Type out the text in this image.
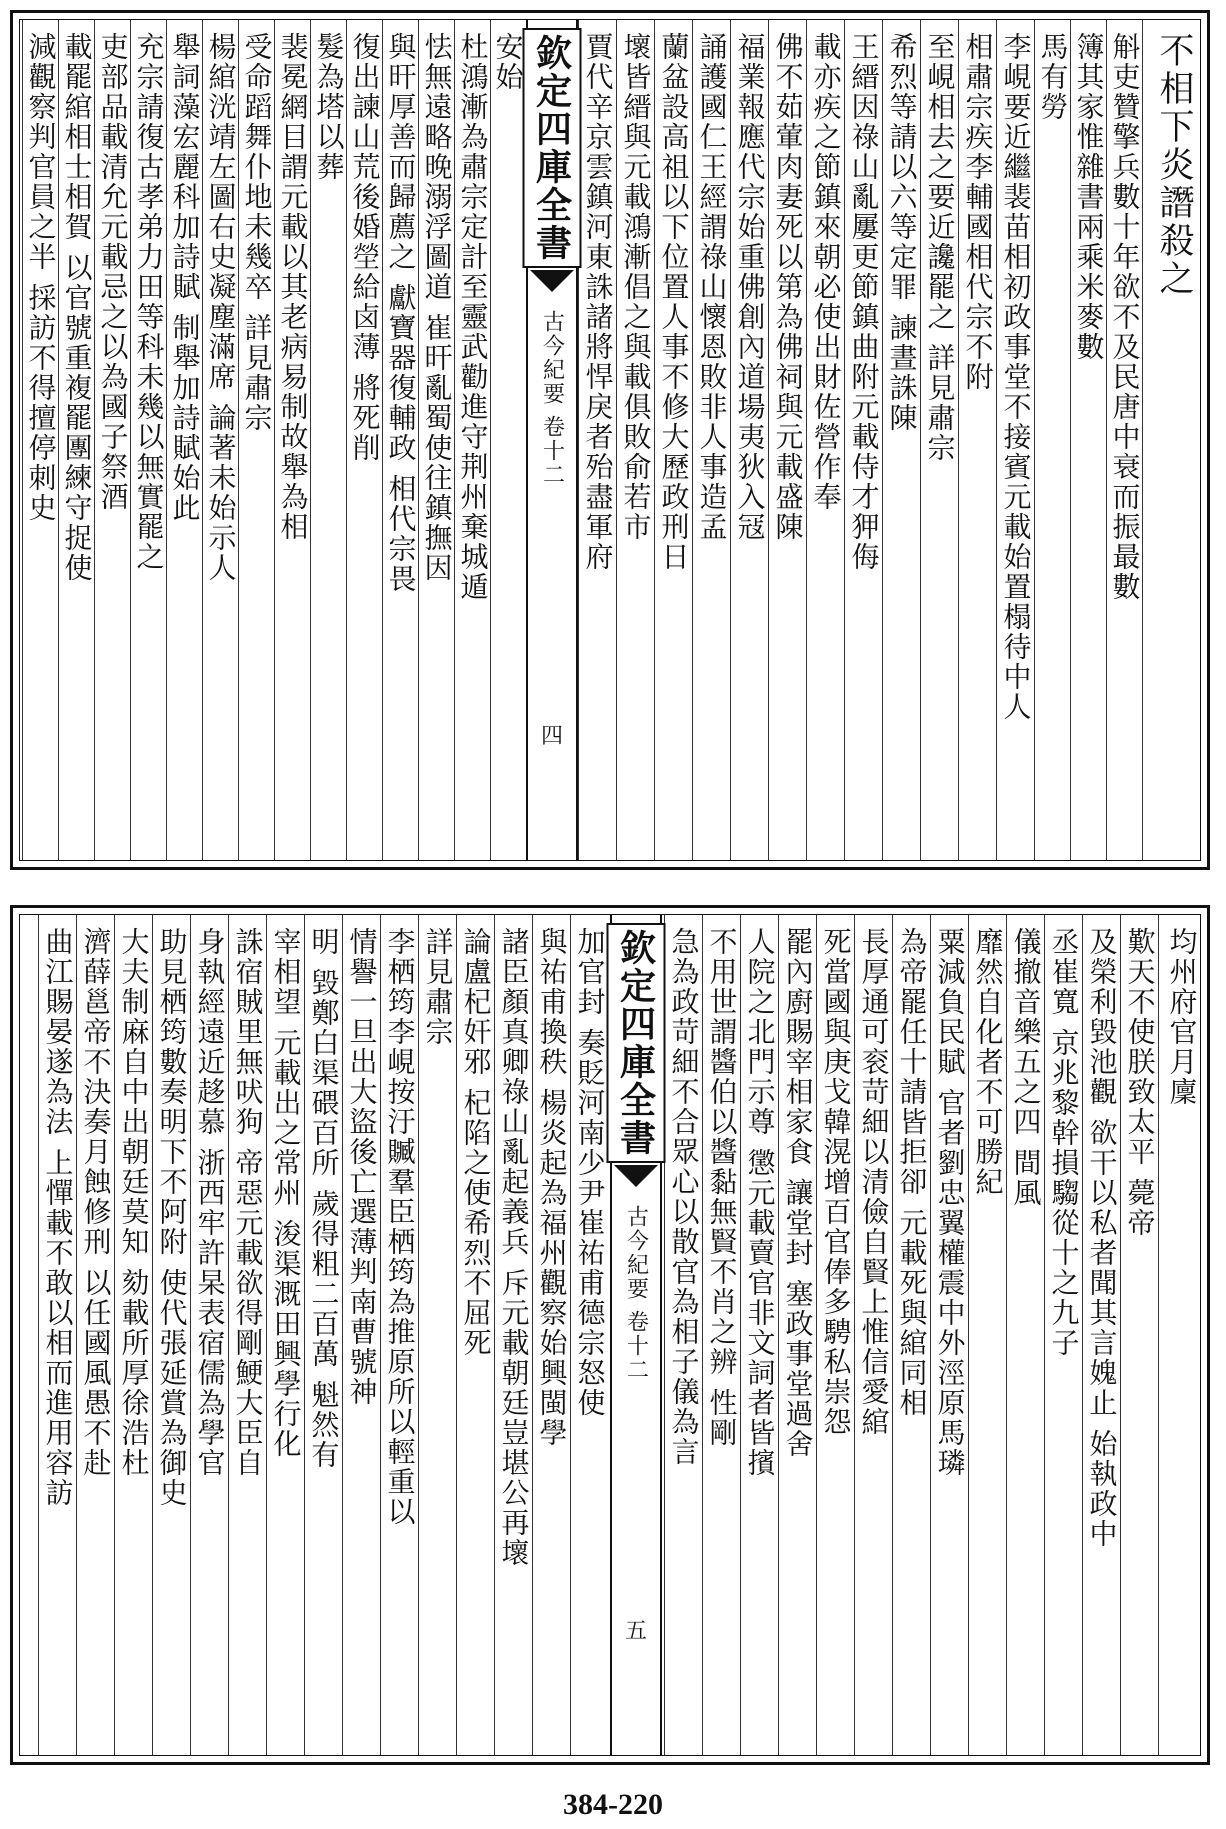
不相下炎譖殺之
斛吏贊擎兵數十年欲不及民唐中衰而振最數
簿其家惟雜書兩乘米麥數
馬有勞
李峴要近繼裴苗相初政事堂不接賓元載始置榻待中人
相肅宗疾李輔國相代宗不附
至峴相去之要近讒罷之 詳見肅宗
希烈等請以六等定罪 諫晝誅陳
王縉因祿山亂屢更節鎮曲附元載侍才狎侮
載亦疾之節鎮來朝必使出財佐營作奉
佛不茹葷肉妻死以第為佛祠與元載盛陳
福業報應代宗始重佛創內道場夷狄入冦
誦護國仁王經謂祿山懷恩敗非人事造孟
蘭盆設高祖以下位置人事不修大歷政刑日
壞皆縉與元載鴻漸倡之與載俱敗俞若市
賈代辛京雲鎮河東誅諸將悍戾者殆盡軍府
欽定四庫全書
古今紀要 卷十二
四
安始
杜鴻漸為肅宗定計至靈武勸進守荆州棄城遁
怯無遠略晚溺浮圖道 崔旰亂蜀使往鎮撫因
與旰厚善而歸薦之 獻寶器復輔政 相代宗畏
復出諫山荒後婚塋給卤薄 將死削
髮為塔以葬
裴冕網目謂元載以其老病易制故舉為相
受命蹈舞仆地未幾卒 詳見肅宗
楊綰洸靖左圖右史凝塵滿席 論著未始示人
舉詞藻宏麗科加詩賦 制舉加詩賦始此
充宗請復古孝弟力田等科未幾以無實罷之
吏部品載清允元載忌之以為國子祭酒
載罷綰相士相賀 以官號重複罷團練守捉使
減觀察判官員之半 採訪不得擅停刺史
均州府官月廩
歎天不使朕致太平 薨帝
及榮利毀池觀 欲干以私者聞其言媿止 始執政中
丞崔寬 京兆黎幹損騶從十之九子
儀撤音樂五之四 間風
靡然自化者不可勝紀
粟減負民賦 官者劉忠翼權震中外涇原馬璘
為帝罷任十請皆拒卻 元載死與綰同相
長厚通可衮苛細以清儉自賢上惟信愛綰
死當國與庚戈韓滉增百官俸多騁私崇怨
罷內廚賜宰相家食 讓堂封 塞政事堂過舍
人院之北門示尊 懲元載賣官非文詞者皆擯
不用世謂醬伯以醬黏無賢不肖之辨 性剛
急為政苛細不合眾心以散官為相子儀為言
欽定四庫全書
古今紀要 卷十二
五
加官封 奏貶河南少尹崔祐甫德宗怒使
與祐甫換秩 楊炎起為福州觀察始興閩學
諸臣顏真卿祿山亂起義兵 斥元載朝廷豈堪公再壞
論盧杞奸邪 杞陷之使希烈不屈死
詳見肅宗
李栖筠李峴按汙贓羣臣栖筠為推原所以輕重以
情譽一旦出大盜後亡選薄判南曹號神
明 毀鄭白渠碨百所 歲得粗二百萬 魁然有
宰相望 元載出之常州 浚渠溉田興學行化
誅宿賊里無吠狗 帝惡元載欲得剛鯁大臣自
身執經遠近趍慕 浙西牢許杲表宿儒為學官
助見栖筠數奏明下不阿附 使代張延賞為御史
大夫制麻自中出朝廷莫知 劾載所厚徐浩杜
濟薛邕帝不決奏月蝕修刑 以任國風愚不赴
曲江賜晏遂為法 上憚載不敢以相而進用容訪
384-220
